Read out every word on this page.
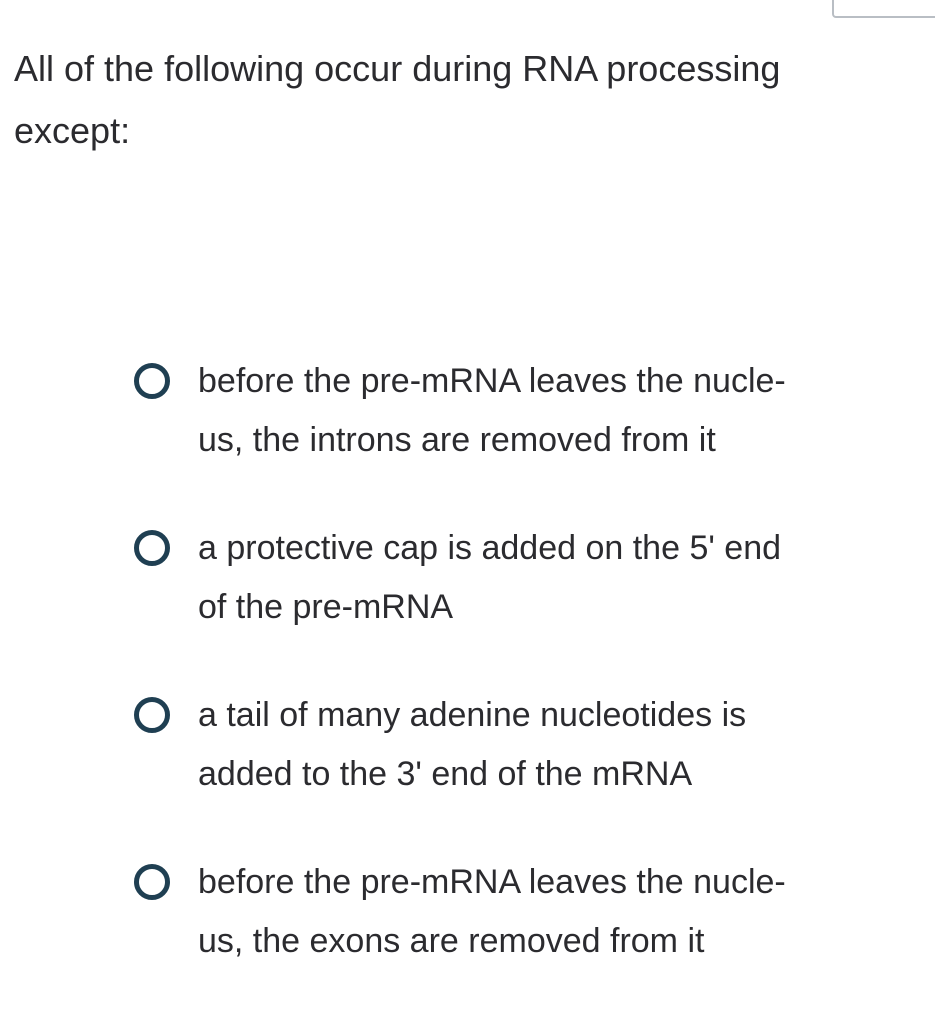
All of the following occur during RNA processing except:
before the pre-mRNA leaves the nucle-
us, the introns are removed from it
a protective cap is added on the 5' end
of the pre-mRNA
a tail of many adenine nucleotides is
added to the 3' end of the mRNA
before the pre-mRNA leaves the nucle-
us, the exons are removed from it
